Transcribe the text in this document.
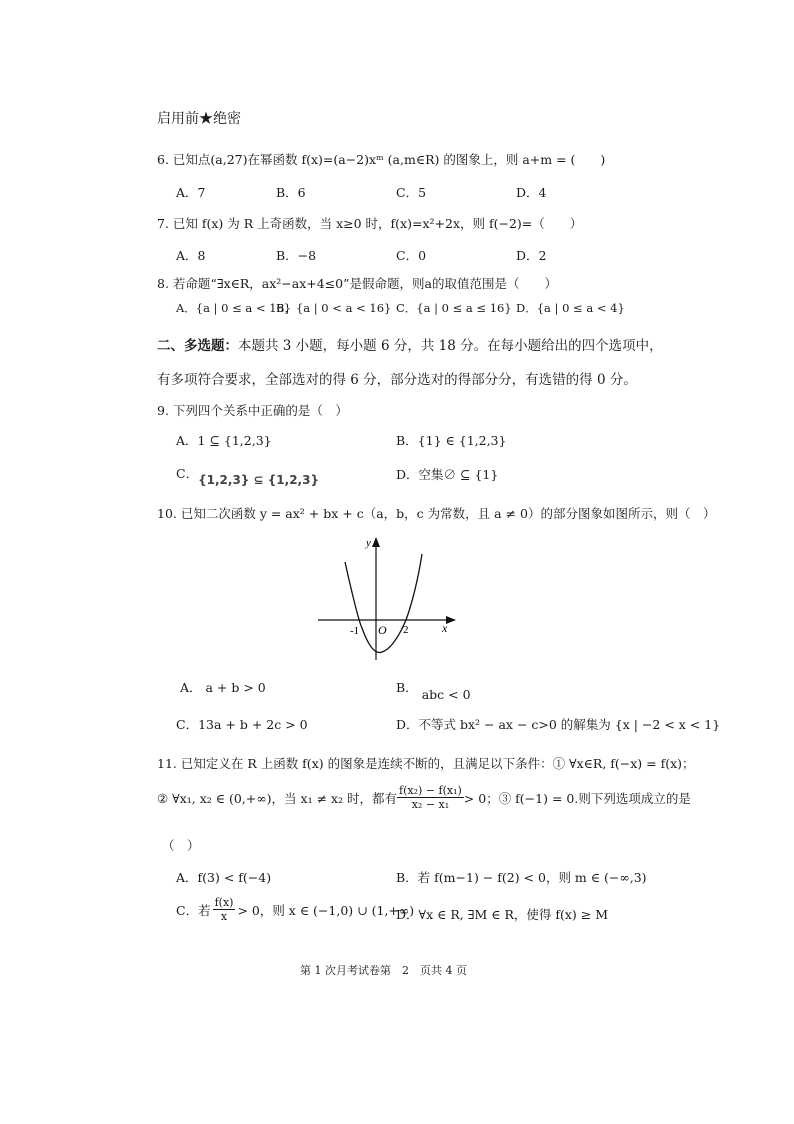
启用前★绝密
6. 已知点(a,27)在幂函数 f(x)=(a−2)xᵐ (a,m∈R) 的图象上，则 a+m = (　　)
A．7	B．6	C．5	D．4
7. 已知 f(x) 为 R 上奇函数，当 x≥0 时，f(x)=x²+2x，则 f(−2)=（　　）
A．8	B．−8	C．0	D．2
8. 若命题“∃x∈R，ax²−ax+4≤0”是假命题，则a的取值范围是（　　）
A．{a | 0 ≤ a < 16}
B．{a | 0 < a < 16} C．{a | 0 ≤ a ≤ 16} D．{a | 0 ≤ a < 4}
二、多选题：本题共 3 小题，每小题 6 分，共 18 分。在每小题给出的四个选项中，
有多项符合要求，全部选对的得 6 分，部分选对的得部分分，有选错的得 0 分。
9. 下列四个关系中正确的是（　）
A．1 ⊆ {1,2,3}	B．{1} ∈ {1,2,3}
C．{1,2,3} ⊆ {1,2,3}	D．空集∅ ⊆ {1}
10. 已知二次函数 y = ax² + bx + c（a，b，c 为常数，且 a ≠ 0）的部分图象如图所示，则（　）
y
x
O
-1	2
A． a + b > 0	B． abc < 0
C．13a + b + 2c > 0	D．不等式 bx² − ax − c>0 的解集为 {x | −2 < x < 1}
11. 已知定义在 R 上函数 f(x) 的图象是连续不断的，且满足以下条件：① ∀x∈R, f(−x) = f(x)；
② ∀x₁, x₂ ∈ (0,+∞)，当 x₁ ≠ x₂ 时，都有 $\frac{\text{f(x₂) − f(x₁)}}{\text{x₂ − x₁}} > 0$；③ f(−1) = 0.则下列选项成立的是
（　）
A．f(3) < f(−4)	B．若 f(m−1) − f(2) < 0，则 m ∈ (−∞,3)
C．若 $\frac{f(x)}{x} > 0$，则 x ∈ (−1,0) ∪ (1,+∞)
D．∀x ∈ R, ∃M ∈ R，使得 f(x) ≥ M
第 1 次月考试卷第　2　页共 4 页
